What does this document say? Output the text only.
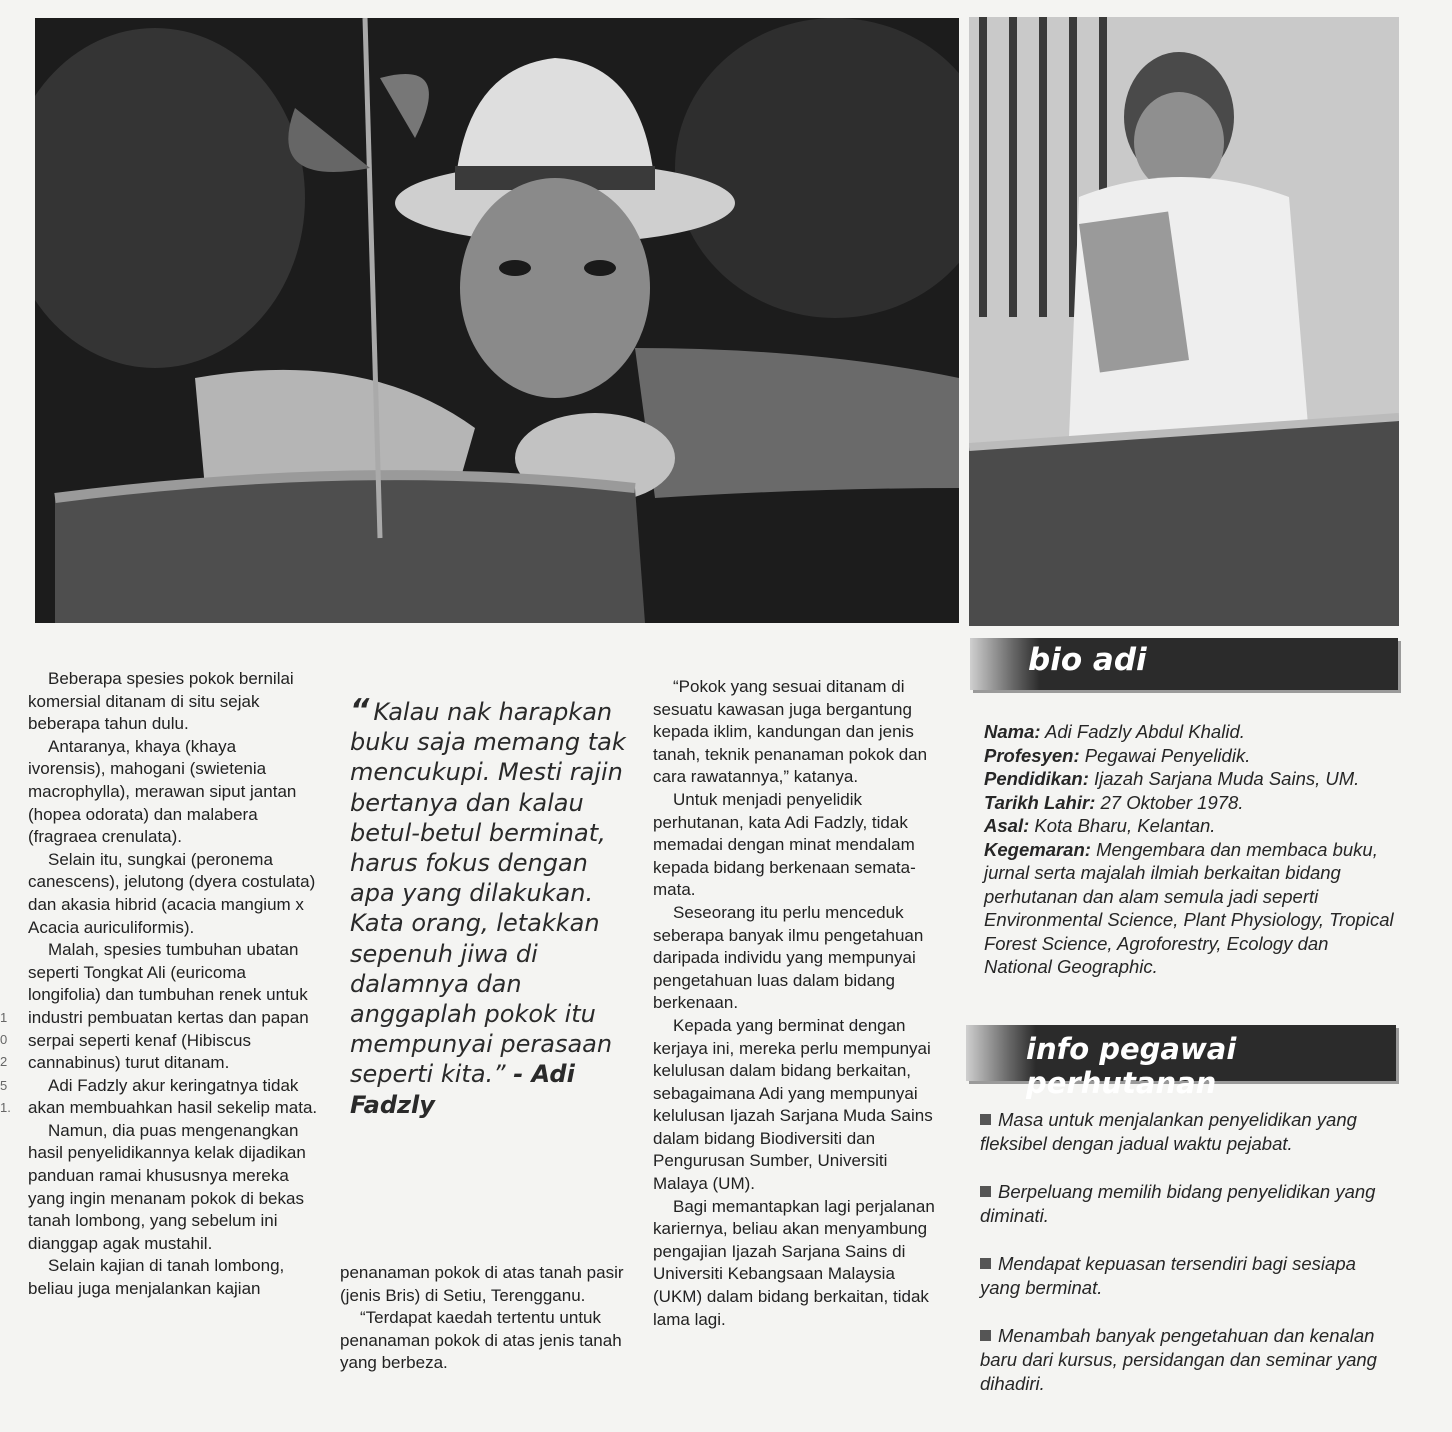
Beberapa spesies pokok bernilai komersial ditanam di situ sejak beberapa tahun dulu.

Antaranya, khaya (khaya ivorensis), mahogani (swietenia macrophylla), merawan siput jantan (hopea odorata) dan malabera (fragraea crenulata).

Selain itu, sungkai (peronema canescens), jelutong (dyera costulata) dan akasia hibrid (acacia mangium x Acacia auriculiformis).

Malah, spesies tumbuhan ubatan seperti Tongkat Ali (euricoma longifolia) dan tumbuhan renek untuk industri pembuatan kertas dan papan serpai seperti kenaf (Hibiscus cannabinus) turut ditanam.

Adi Fadzly akur keringatnya tidak akan membuahkan hasil sekelip mata.

Namun, dia puas mengenangkan hasil penyelidikannya kelak dijadikan panduan ramai khususnya mereka yang ingin menanam pokok di bekas tanah lombong, yang sebelum ini dianggap agak mustahil.

Selain kajian di tanah lombong, beliau juga menjalankan kajian

“ Kalau nak harapkan buku saja memang tak mencukupi. Mesti rajin bertanya dan kalau betul-betul berminat, harus fokus dengan apa yang dilakukan. Kata orang, letakkan sepenuh jiwa di dalamnya dan anggaplah pokok itu mempunyai perasaan seperti kita.” - Adi Fadzly

penanaman pokok di atas tanah pasir (jenis Bris) di Setiu, Terengganu.

“Terdapat kaedah tertentu untuk penanaman pokok di atas jenis tanah yang berbeza.

“Pokok yang sesuai ditanam di sesuatu kawasan juga bergantung kepada iklim, kandungan dan jenis tanah, teknik penanaman pokok dan cara rawatannya,” katanya.

Untuk menjadi penyelidik perhutanan, kata Adi Fadzly, tidak memadai dengan minat mendalam kepada bidang berkenaan semata-mata.

Seseorang itu perlu menceduk seberapa banyak ilmu pengetahuan daripada individu yang mempunyai pengetahuan luas dalam bidang berkenaan.

Kepada yang berminat dengan kerjaya ini, mereka perlu mempunyai kelulusan dalam bidang berkaitan, sebagaimana Adi yang mempunyai kelulusan Ijazah Sarjana Muda Sains dalam bidang Biodiversiti dan Pengurusan Sumber, Universiti Malaya (UM).

Bagi memantapkan lagi perjalanan kariernya, beliau akan menyambung pengajian Ijazah Sarjana Sains di Universiti Kebangsaan Malaysia (UKM) dalam bidang berkaitan, tidak lama lagi.

bio adi

Nama: Adi Fadzly Abdul Khalid.

Profesyen: Pegawai Penyelidik.

Pendidikan: Ijazah Sarjana Muda Sains, UM.

Tarikh Lahir: 27 Oktober 1978.

Asal: Kota Bharu, Kelantan.

Kegemaran: Mengembara dan membaca buku, jurnal serta majalah ilmiah berkaitan bidang perhutanan dan alam semula jadi seperti Environmental Science, Plant Physiology, Tropical Forest Science, Agroforestry, Ecology dan National Geographic.

info pegawai perhutanan
Masa untuk menjalankan penyelidikan yang fleksibel dengan jadual waktu pejabat.
Berpeluang memilih bidang penyelidikan yang diminati.
Mendapat kepuasan tersendiri bagi sesiapa yang berminat.
Menambah banyak pengetahuan dan kenalan baru dari kursus, persidangan dan seminar yang dihadiri.
1
0
2
5
1.
